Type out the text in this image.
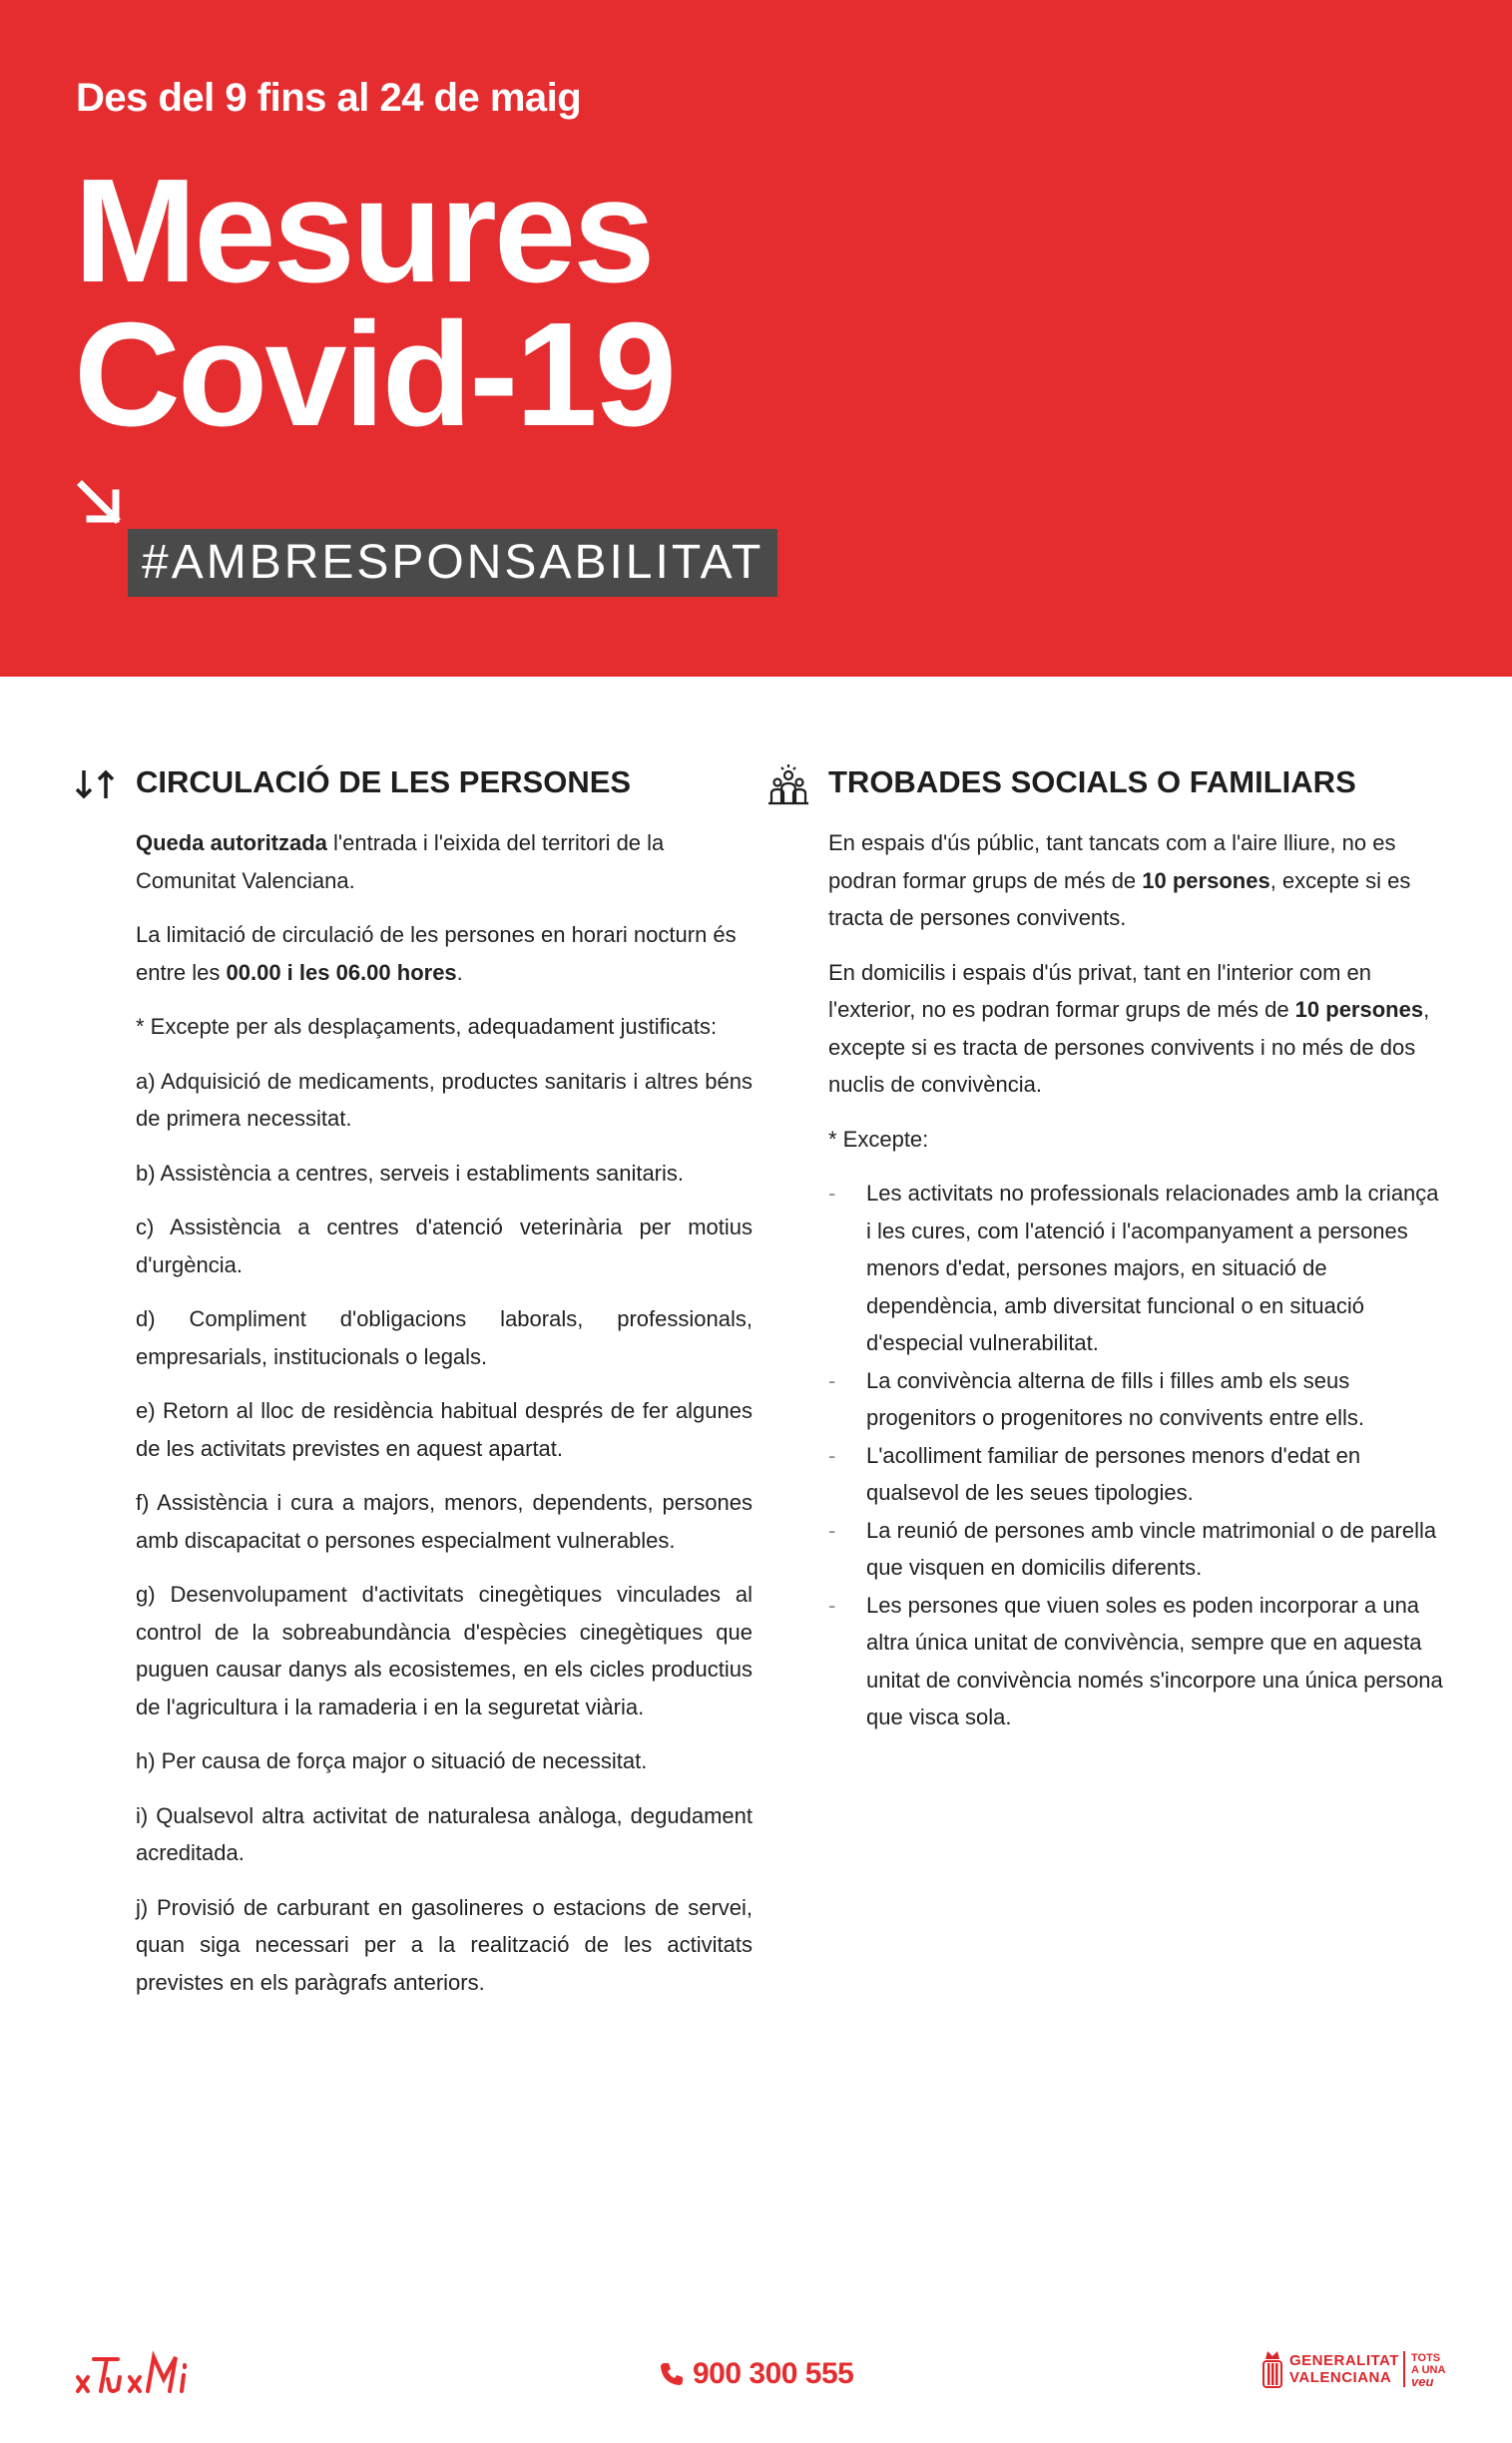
Des del 9 fins al 24 de maig
Mesures
Covid-19
#AMBRESPONSABILITAT
CIRCULACIÓ DE LES PERSONES

Queda autoritzada l'entrada i l'eixida del territori de la Comunitat Valenciana.

La limitació de circulació de les persones en horari nocturn és entre les 00.00 i les 06.00 hores.

* Excepte per als desplaçaments, adequadament justificats:

a) Adquisició de medicaments, productes sanitaris i altres béns de primera necessitat.

b) Assistència a centres, serveis i establiments sanitaris.

c) Assistència a centres d'atenció veterinària per motius d'urgència.

d) Compliment d'obligacions laborals, professionals, empresarials, institucionals o legals.

e) Retorn al lloc de residència habitual després de fer algunes de les activitats previstes en aquest apartat.

f) Assistència i cura a majors, menors, dependents, persones amb discapacitat o persones especialment vulnerables.

g) Desenvolupament d'activitats cinegètiques vinculades al control de la sobreabundància d'espècies cinegètiques que puguen causar danys als ecosistemes, en els cicles productius de l'agricultura i la ramaderia i en la seguretat viària.

h) Per causa de força major o situació de necessitat.

i) Qualsevol altra activitat de naturalesa anàloga, degudament acreditada.

j) Provisió de carburant en gasolineres o estacions de servei, quan siga necessari per a la realització de les activitats previstes en els paràgrafs anteriors.

TROBADES SOCIALS O FAMILIARS

En espais d'ús públic, tant tancats com a l'aire lliure, no es podran formar grups de més de 10 persones, excepte si es tracta de persones convivents.

En domicilis i espais d'ús privat, tant en l'interior com en l'exterior, no es podran formar grups de més de 10 persones, excepte si es tracta de persones convivents i no més de dos nuclis de convivència.

* Excepte:

- Les activitats no professionals relacionades amb la criança i les cures, com l'atenció i l'acompanyament a persones menors d'edat, persones majors, en situació de dependència, amb diversitat funcional o en situació d'especial vulnerabilitat.
- La convivència alterna de fills i filles amb els seus progenitors o progenitores no convivents entre ells.
- L'acolliment familiar de persones menors d'edat en qualsevol de les seues tipologies.
- La reunió de persones amb vincle matrimonial o de parella que visquen en domicilis diferents.
- Les persones que viuen soles es poden incorporar a una altra única unitat de convivència, sempre que en aquesta unitat de convivència només s'incorpore una única persona que visca sola.
900 300 555	GENERALITAT
VALENCIANA
TOTS
A UNA
veu
